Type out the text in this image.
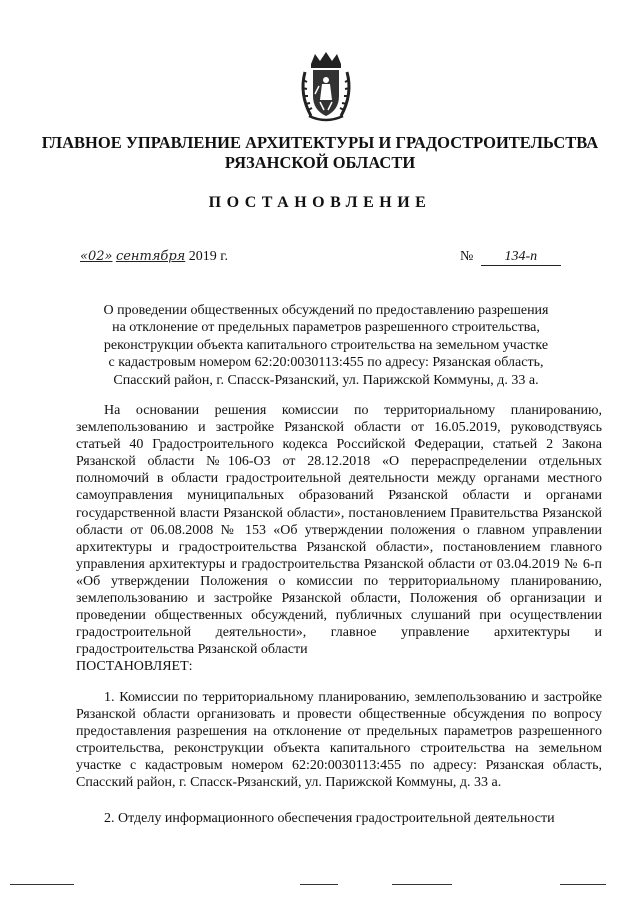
ГЛАВНОЕ УПРАВЛЕНИЕ АРХИТЕКТУРЫ И ГРАДОСТРОИТЕЛЬСТВА
РЯЗАНСКОЙ ОБЛАСТИ
ПОСТАНОВЛЕНИЕ
«02» сентября 2019 г.	№ 134-п
О проведении общественных обсуждений по предоставлению разрешения
на отклонение от предельных параметров разрешенного строительства,
реконструкции объекта капитального строительства на земельном участке
с кадастровым номером 62:20:0030113:455 по адресу: Рязанская область,
Спасский район, г. Спасск-Рязанский, ул. Парижской Коммуны, д. 33 а.
На основании решения комиссии по территориальному планированию, землепользованию и застройке Рязанской области от 16.05.2019, руководствуясь статьей 40 Градостроительного кодекса Российской Федерации, статьей 2 Закона Рязанской области №106-ОЗ от 28.12.2018 «О перераспределении отдельных полномочий в области градостроительной деятельности между органами местного самоуправления муниципальных образований Рязанской области и органами государственной власти Рязанской области», постановлением Правительства Рязанской области от 06.08.2008 № 153 «Об утверждении положения о главном управлении архитектуры и градостроительства Рязанской области», постановлением главного управления архитектуры и градостроительства Рязанской области от 03.04.2019 № 6-п «Об утверждении Положения о комиссии по территориальному планированию, землепользованию и застройке Рязанской области, Положения об организации и проведении общественных обсуждений, публичных слушаний при осуществлении градостроительной деятельности», главное управление архитектуры и градостроительства Рязанской области
ПОСТАНОВЛЯЕТ:
1. Комиссии по территориальному планированию, землепользованию и застройке Рязанской области организовать и провести общественные обсуждения по вопросу предоставления разрешения на отклонение от предельных параметров разрешенного строительства, реконструкции объекта капитального строительства на земельном участке с кадастровым номером 62:20:0030113:455 по адресу: Рязанская область, Спасский район, г. Спасск-Рязанский, ул. Парижской Коммуны, д. 33 а.
2. Отделу информационного обеспечения градостроительной деятельности
